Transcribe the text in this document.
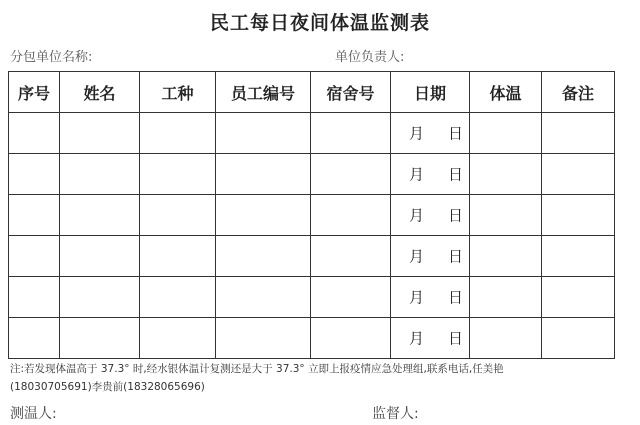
民工每日夜间体温监测表
分包单位名称:	单位负责人:
序号	姓名	工种	员工编号	宿舍号	日期	体温	备注

					月 日		

					月 日		

					月 日		

					月 日		

					月 日		

					月 日		

注:若发现体温高于 37.3° 时,经水银体温计复测还是大于 37.3° 立即上报疫情应急处理组,联系电话,任美艳
(18030705691)李贵前(18328065696)
测温人:	监督人:
